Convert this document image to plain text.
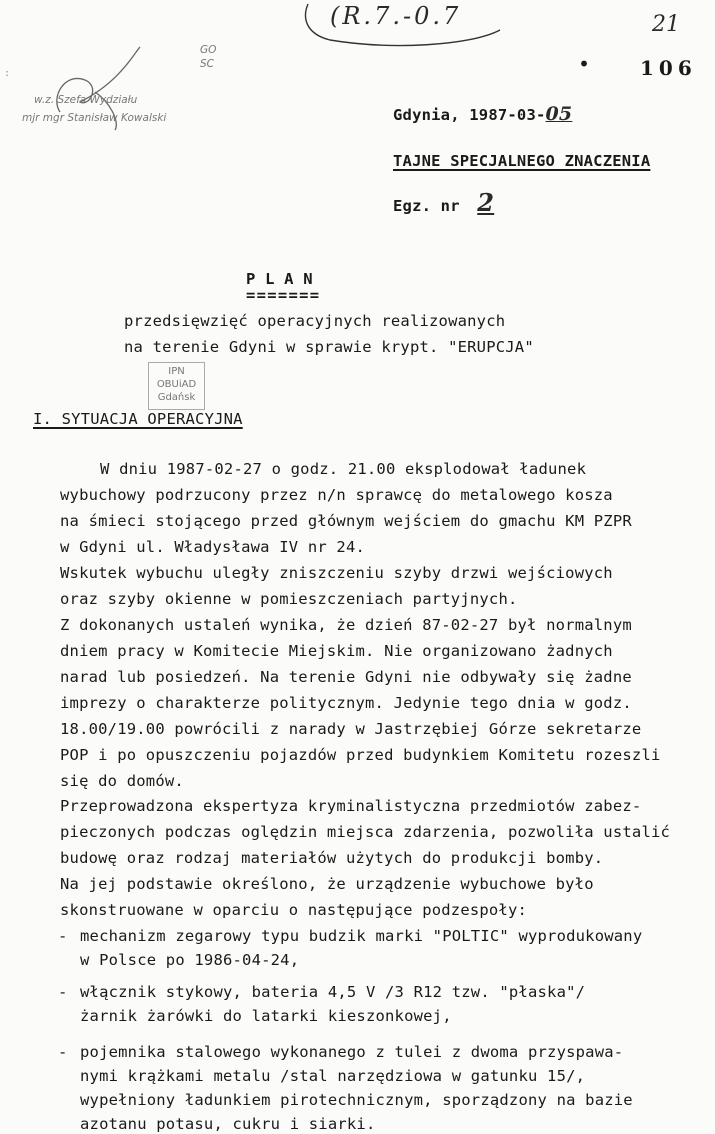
(R.7.-0.7	21
• 106
GO
SC
w.z. Szefa Wydziału
mjr mgr Stanisław Kowalski
:
Gdynia, 1987-03-05
TAJNE SPECJALNEGO ZNACZENIA
Egz. nr 2
P L A N
=======
przedsięwzięć operacyjnych realizowanych
na terenie Gdyni w sprawie krypt. "ERUPCJA"
IPN
OBUiAD
Gdańsk
I. SYTUACJA OPERACYJNA
W dniu 1987-02-27 o godz. 21.00 eksplodował ładunek
wybuchowy podrzucony przez n/n sprawcę do metalowego kosza
na śmieci stojącego przed głównym wejściem do gmachu KM PZPR
w Gdyni ul. Władysława IV nr 24.
Wskutek wybuchu uległy zniszczeniu szyby drzwi wejściowych
oraz szyby okienne w pomieszczeniach partyjnych.
Z dokonanych ustaleń wynika, że dzień 87-02-27 był normalnym
dniem pracy w Komitecie Miejskim. Nie organizowano żadnych
narad lub posiedzeń. Na terenie Gdyni nie odbywały się żadne
imprezy o charakterze politycznym. Jedynie tego dnia w godz.
18.00/19.00 powrócili z narady w Jastrzębiej Górze sekretarze
POP i po opuszczeniu pojazdów przed budynkiem Komitetu rozeszli
się do domów.
Przeprowadzona ekspertyza kryminalistyczna przedmiotów zabez-
pieczonych podczas oględzin miejsca zdarzenia, pozwoliła ustalić
budowę oraz rodzaj materiałów użytych do produkcji bomby.
Na jej podstawie określono, że urządzenie wybuchowe było
skonstruowane w oparciu o następujące podzespoły:
- mechanizm zegarowy typu budzik marki "POLTIC" wyprodukowany
w Polsce po 1986-04-24,
- włącznik stykowy, bateria 4,5 V /3 R12 tzw. "płaska"/
żarnik żarówki do latarki kieszonkowej,
- pojemnika stalowego wykonanego z tulei z dwoma przyspawa-
nymi krążkami metalu /stal narzędziowa w gatunku 15/,
wypełniony ładunkiem pirotechnicznym, sporządzony na bazie
azotanu potasu, cukru i siarki.
